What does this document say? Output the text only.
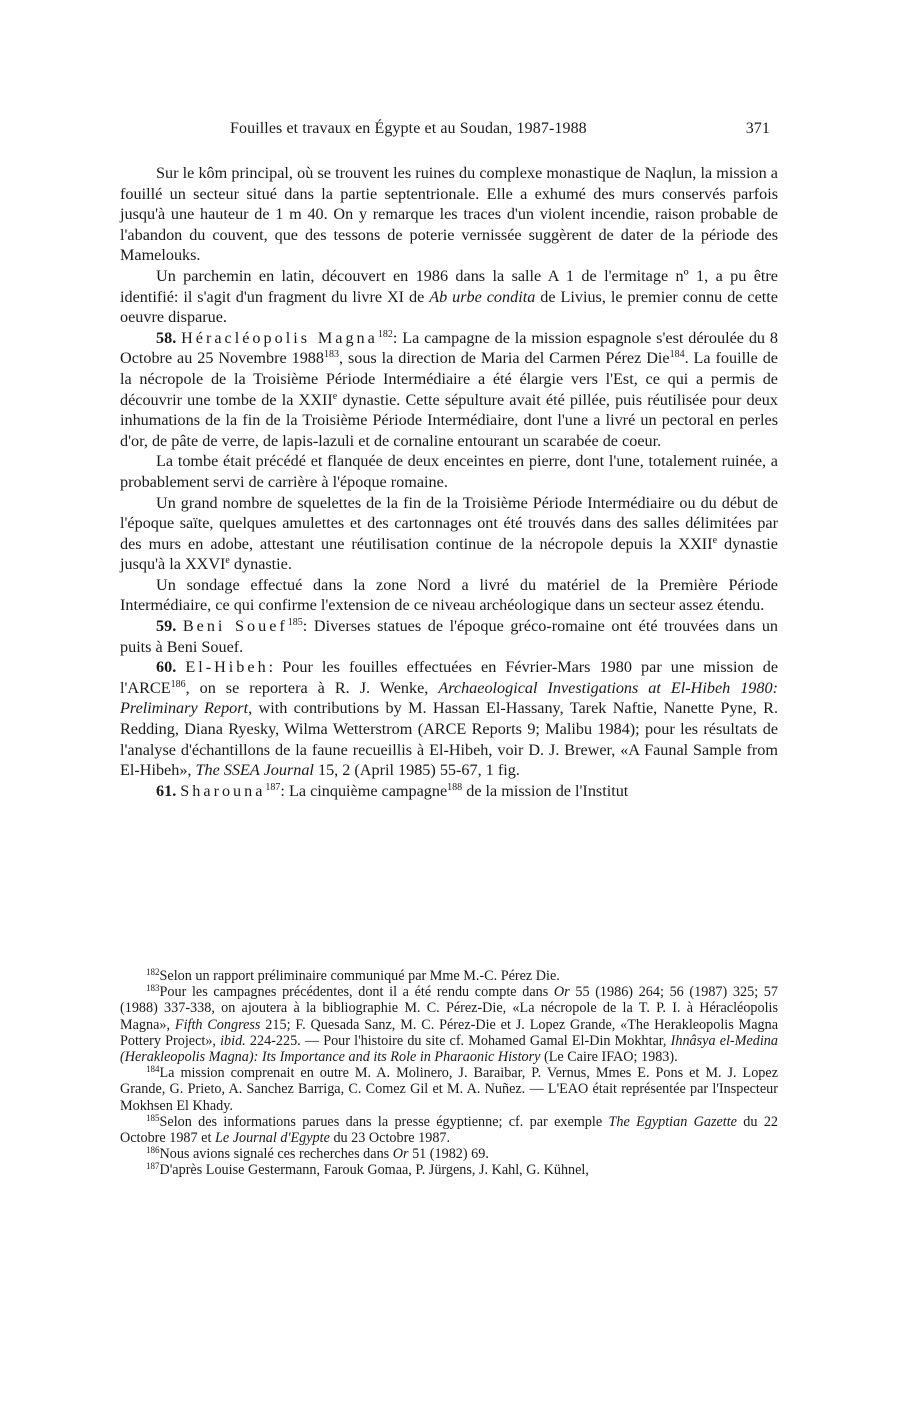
Fouilles et travaux en Égypte et au Soudan, 1987-1988	371

Sur le kôm principal, où se trouvent les ruines du complexe monastique de Naqlun, la mission a fouillé un secteur situé dans la partie septentrionale. Elle a exhumé des murs conservés parfois jusqu'à une hauteur de 1 m 40. On y remarque les traces d'un violent incendie, raison probable de l'abandon du couvent, que des tessons de poterie vernissée suggèrent de dater de la période des Mamelouks.

Un parchemin en latin, découvert en 1986 dans la salle A 1 de l'ermitage nº 1, a pu être identifié: il s'agit d'un fragment du livre XI de Ab urbe condita de Livius, le premier connu de cette oeuvre disparue.

58. Héracléopolis Magna$^{182}$: La campagne de la mission espagnole s'est déroulée du 8 Octobre au 25 Novembre 1988$^{183}$, sous la direction de Maria del Carmen Pérez Die$^{184}$. La fouille de la nécropole de la Troisième Période Intermédiaire a été élargie vers l'Est, ce qui a permis de découvrir une tombe de la XXIIe dynastie. Cette sépulture avait été pillée, puis réutilisée pour deux inhumations de la fin de la Troisième Période Intermédiaire, dont l'une a livré un pectoral en perles d'or, de pâte de verre, de lapis-lazuli et de cornaline entourant un scarabée de coeur.

La tombe était précédé et flanquée de deux enceintes en pierre, dont l'une, totalement ruinée, a probablement servi de carrière à l'époque romaine.

Un grand nombre de squelettes de la fin de la Troisième Période Intermédiaire ou du début de l'époque saïte, quelques amulettes et des cartonnages ont été trouvés dans des salles délimitées par des murs en adobe, attestant une réutilisation continue de la nécropole depuis la XXIIe dynastie jusqu'à la XXVIe dynastie.

Un sondage effectué dans la zone Nord a livré du matériel de la Première Période Intermédiaire, ce qui confirme l'extension de ce niveau archéologique dans un secteur assez étendu.

59. Beni Souef$^{185}$: Diverses statues de l'époque gréco-romaine ont été trouvées dans un puits à Beni Souef.

60. El-Hibeh: Pour les fouilles effectuées en Février-Mars 1980 par une mission de l'ARCE$^{186}$, on se reportera à R. J. Wenke, Archaeological Investigations at El-Hibeh 1980: Preliminary Report, with contributions by M. Hassan El-Hassany, Tarek Naftie, Nanette Pyne, R. Redding, Diana Ryesky, Wilma Wetterstrom (ARCE Reports 9; Malibu 1984); pour les résultats de l'analyse d'échantillons de la faune recueillis à El-Hibeh, voir D. J. Brewer, «A Faunal Sample from El-Hibeh», The SSEA Journal 15, 2 (April 1985) 55-67, 1 fig.

61. Sharouna$^{187}$: La cinquième campagne$^{188}$ de la mission de l'Institut

$^{182}$Selon un rapport préliminaire communiqué par Mme M.-C. Pérez Die.

$^{183}$Pour les campagnes précédentes, dont il a été rendu compte dans Or 55 (1986) 264; 56 (1987) 325; 57 (1988) 337-338, on ajoutera à la bibliographie M. C. Pérez-Die, «La nécropole de la T. P. I. à Héracléopolis Magna», Fifth Congress 215; F. Quesada Sanz, M. C. Pérez-Die et J. Lopez Grande, «The Herakleopolis Magna Pottery Project», ibid. 224-225. — Pour l'histoire du site cf. Mohamed Gamal El-Din Mokhtar, Ihnâsya el-Medina (Herakleopolis Magna): Its Importance and its Role in Pharaonic History (Le Caire IFAO; 1983).

$^{184}$La mission comprenait en outre M. A. Molinero, J. Baraibar, P. Vernus, Mmes E. Pons et M. J. Lopez Grande, G. Prieto, A. Sanchez Barriga, C. Comez Gil et M. A. Nuñez. — L'EAO était représentée par l'Inspecteur Mokhsen El Khady.

$^{185}$Selon des informations parues dans la presse égyptienne; cf. par exemple The Egyptian Gazette du 22 Octobre 1987 et Le Journal d'Egypte du 23 Octobre 1987.

$^{186}$Nous avions signalé ces recherches dans Or 51 (1982) 69.

$^{187}$D'après Louise Gestermann, Farouk Gomaa, P. Jürgens, J. Kahl, G. Kühnel,
